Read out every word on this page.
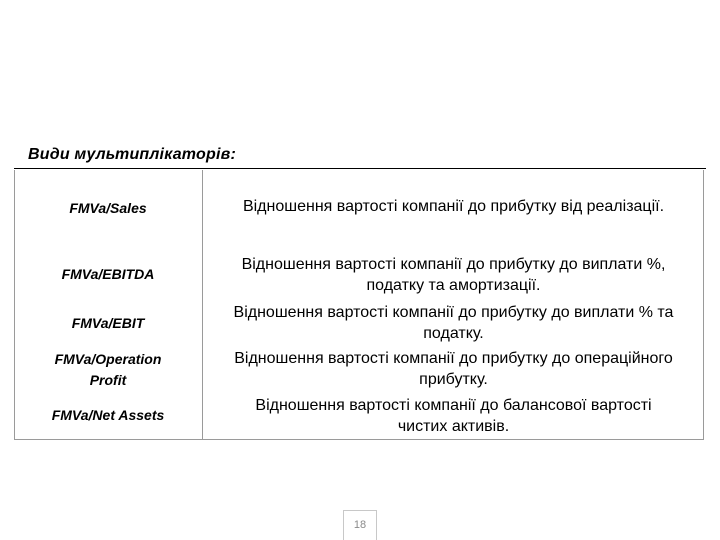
Види мультиплікаторів:
FMVa/Sales	Відношення вартості компанії до прибутку від реалізації.
FMVa/EBITDA
Відношення вартості компанії до прибутку до виплати %,
податку та амортизації.
FMVa/EBIT
Відношення вартості компанії до прибутку до виплати % та
податку.
FMVa/Operation
Profit
Відношення вартості компанії до прибутку до операційного
прибутку.
FMVa/Net Assets
Відношення вартості компанії до балансової вартості
чистих активів.
18
